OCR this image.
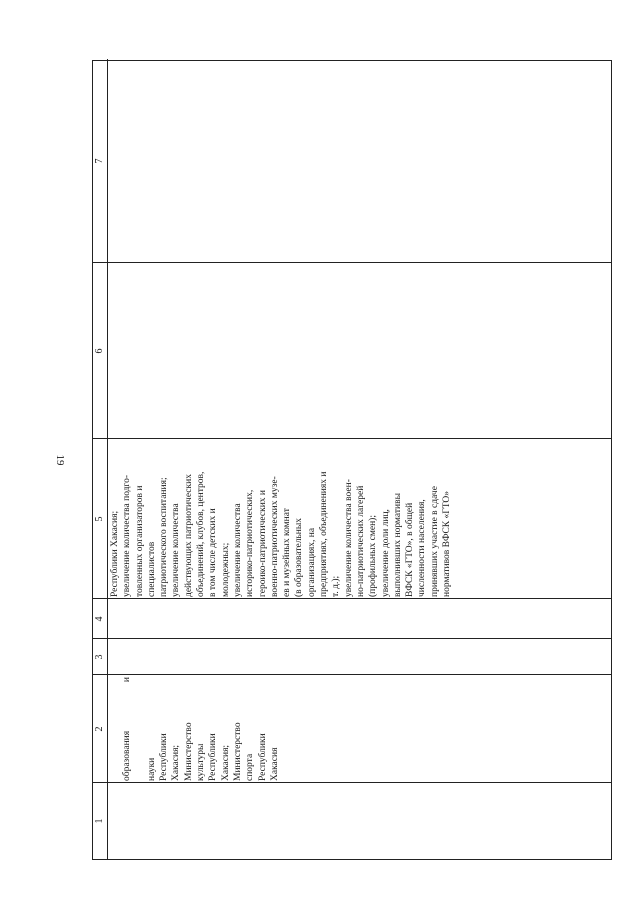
19
1
2
3
4
5
6
7

образования
и

науки
Республики
Хакасия;
Министерство
культуры
Республики
Хакасия;
Министерство
спорта
Республики
Хакасия

Республики Хакасия;
увеличение количества подго-
товленных организаторов и
специалистов
патриотического воспитания;
увеличение количества
действующих патриотических
объединений, клубов, центров,
в том числе детских и
молодежных;
увеличение количества
историко-патриотических,
героико-патриотических и
военно-патриотических музе-
ев и музейных комнат
(в образовательных
организациях, на
предприятиях, объединениях и
т. д.);
увеличение количества воен-
но-патриотических лагерей
(профильных смен);
увеличение доли лиц,
выполнивших нормативы
ВФСК «ГТО», в общей
численности населения,
принявших участие в сдаче
нормативов ВФСК «ГТО»
